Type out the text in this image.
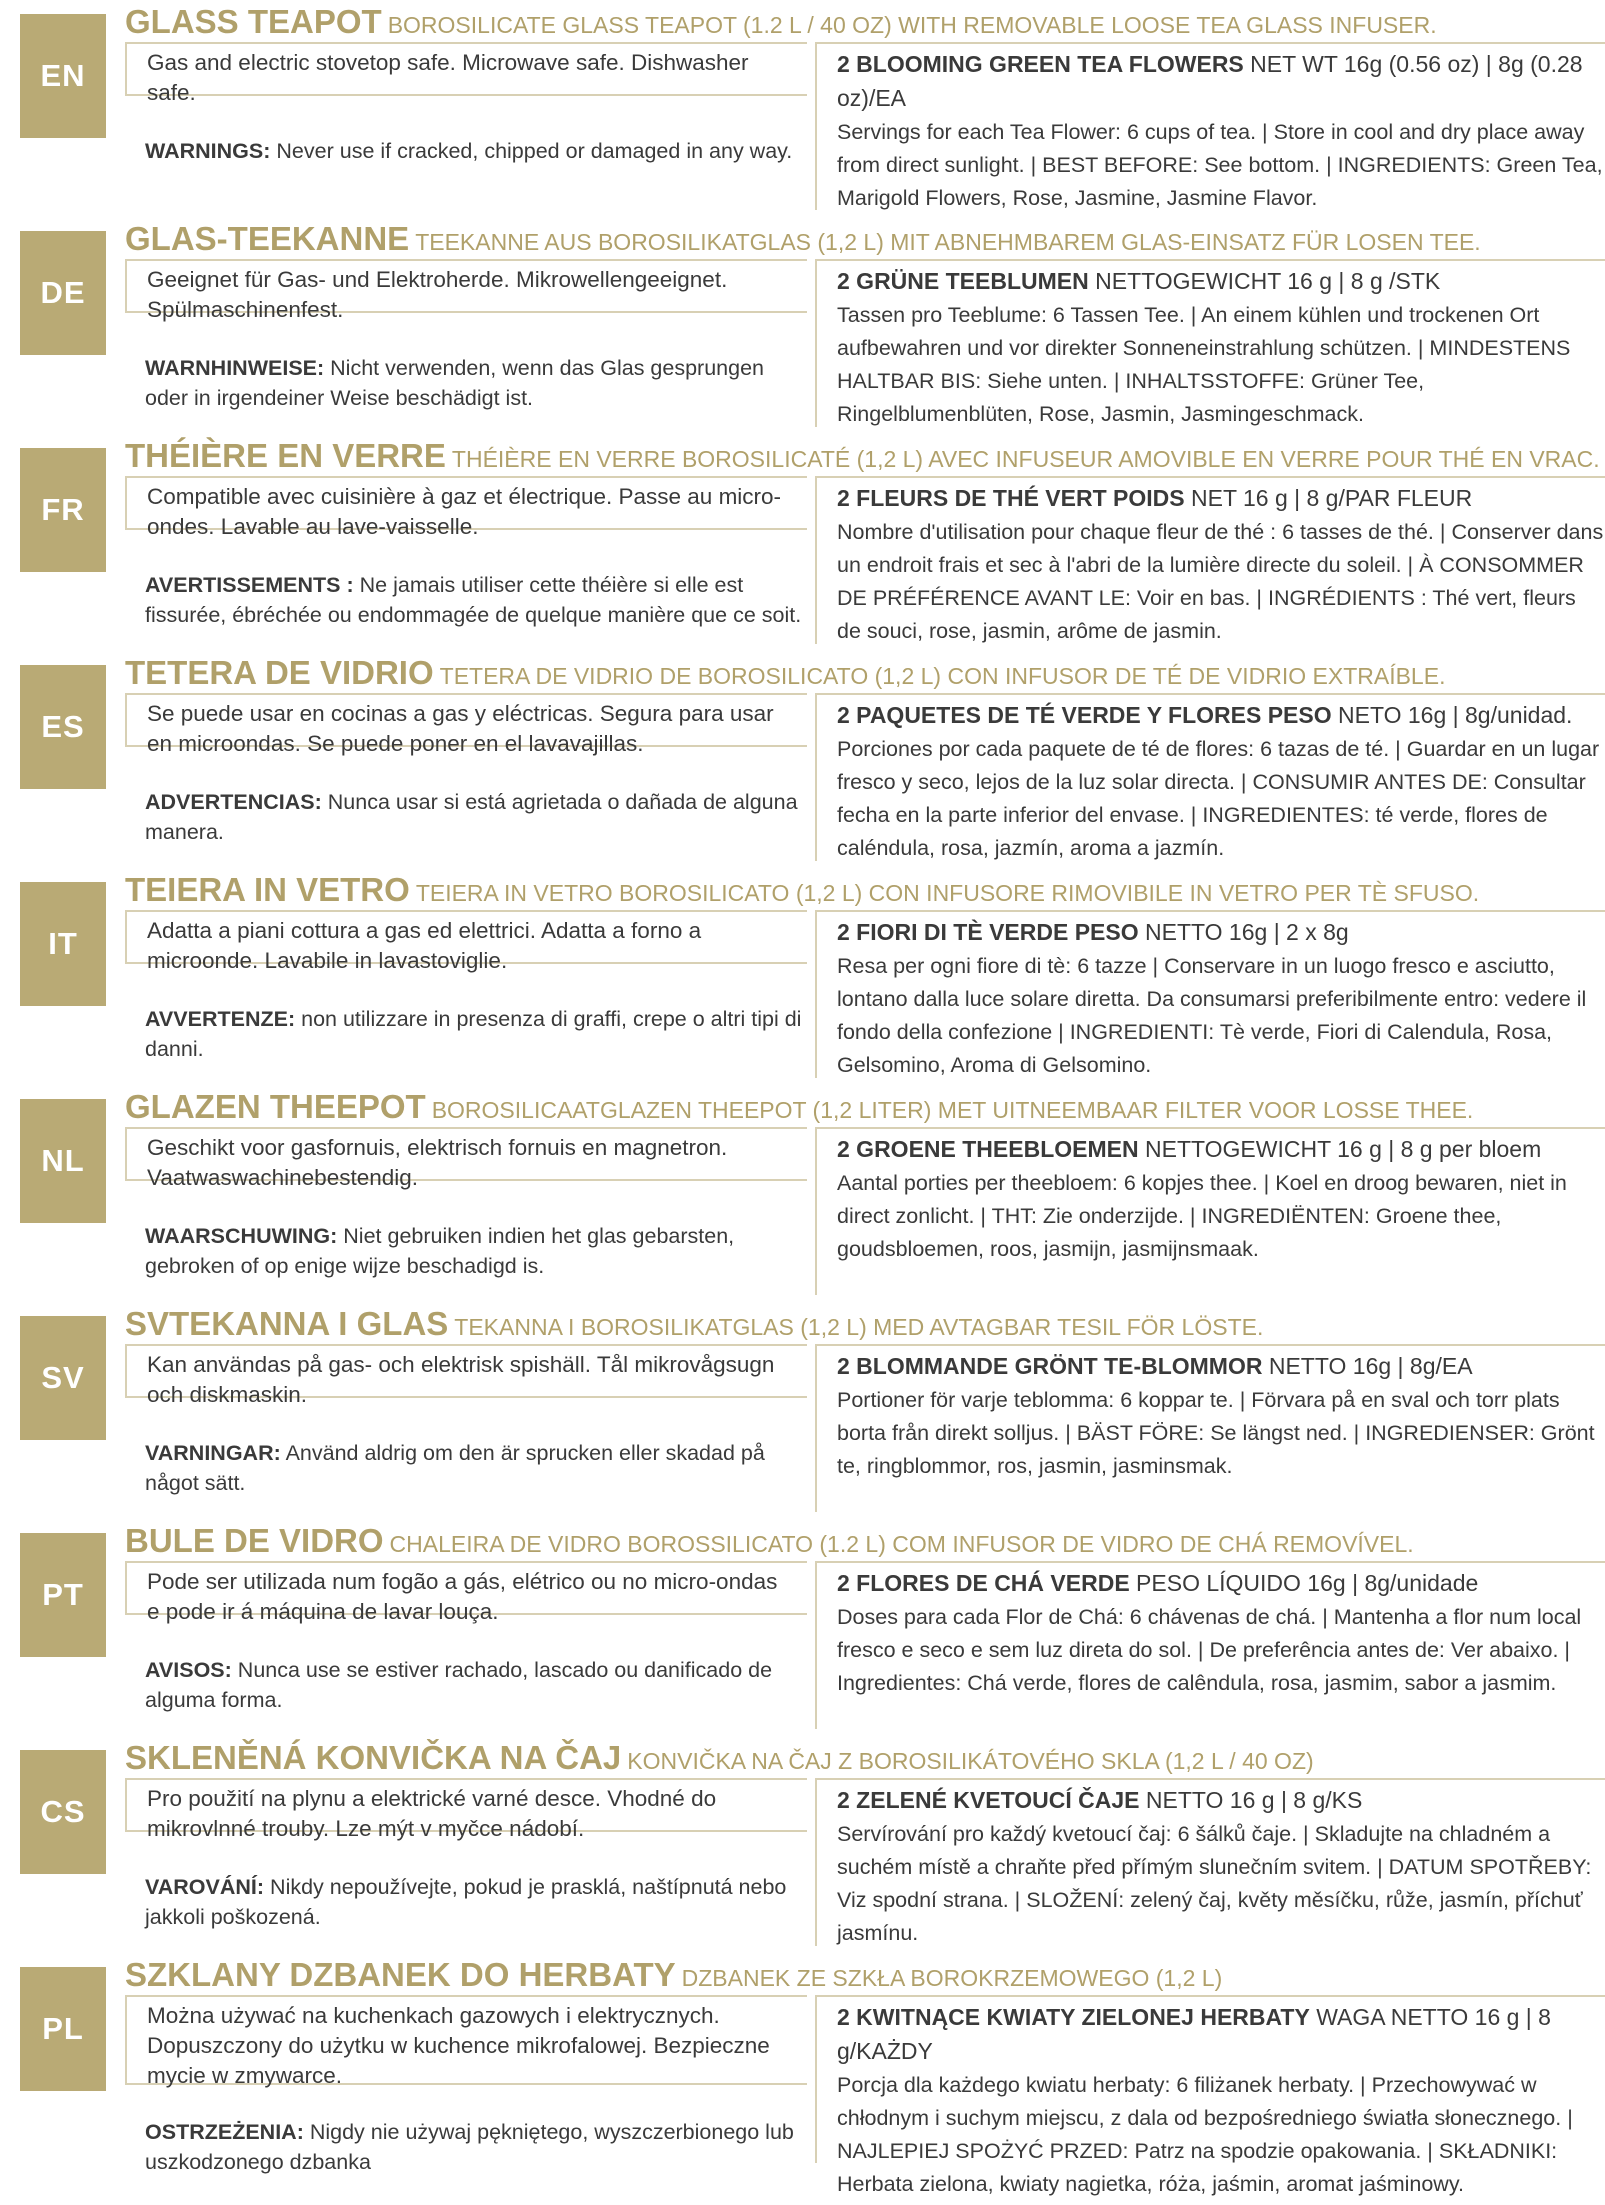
EN
GLASS TEAPOT BOROSILICATE GLASS TEAPOT (1.2 L / 40 OZ) WITH REMOVABLE LOOSE TEA GLASS INFUSER.
Gas and electric stovetop safe. Microwave safe. Dishwasher safe.
WARNINGS: Never use if cracked, chipped or damaged in any way.
2 BLOOMING GREEN TEA FLOWERS NET WT 16g (0.56 oz) | 8g (0.28 oz)/EA
Servings for each Tea Flower: 6 cups of tea. | Store in cool and dry place away from direct sunlight. | BEST BEFORE: See bottom. | INGREDIENTS: Green Tea, Marigold Flowers, Rose, Jasmine, Jasmine Flavor.
DE
GLAS-TEEKANNE TEEKANNE AUS BOROSILIKATGLAS (1,2 L) MIT ABNEHMBAREM GLAS-EINSATZ FÜR LOSEN TEE.
Geeignet für Gas- und Elektroherde. Mikrowellengeeignet. Spülmaschinenfest.
WARNHINWEISE: Nicht verwenden, wenn das Glas gesprungen oder in irgendeiner Weise beschädigt ist.
2 GRÜNE TEEBLUMEN NETTOGEWICHT 16 g | 8 g /STK
Tassen pro Teeblume: 6 Tassen Tee. | An einem kühlen und trockenen Ort aufbewahren und vor direkter Sonneneinstrahlung schützen. | MINDESTENS HALTBAR BIS: Siehe unten. | INHALTSSTOFFE: Grüner Tee, Ringelblumenblüten, Rose, Jasmin, Jasmingeschmack.
FR
THÉIÈRE EN VERRE THÉIÈRE EN VERRE BOROSILICATÉ (1,2 L) AVEC INFUSEUR AMOVIBLE EN VERRE POUR THÉ EN VRAC.
Compatible avec cuisinière à gaz et électrique. Passe au micro-ondes. Lavable au lave-vaisselle.
AVERTISSEMENTS : Ne jamais utiliser cette théière si elle est fissurée, ébréchée ou endommagée de quelque manière que ce soit.
2 FLEURS DE THÉ VERT POIDS NET 16 g | 8 g/PAR FLEUR
Nombre d'utilisation pour chaque fleur de thé : 6 tasses de thé. | Conserver dans un endroit frais et sec à l'abri de la lumière directe du soleil. | À CONSOMMER DE PRÉFÉRENCE AVANT LE: Voir en bas. | INGRÉDIENTS : Thé vert, fleurs de souci, rose, jasmin, arôme de jasmin.
ES
TETERA DE VIDRIO TETERA DE VIDRIO DE BOROSILICATO (1,2 L) CON INFUSOR DE TÉ DE VIDRIO EXTRAÍBLE.
Se puede usar en cocinas a gas y eléctricas. Segura para usar en microondas. Se puede poner en el lavavajillas.
ADVERTENCIAS: Nunca usar si está agrietada o dañada de alguna manera.
2 PAQUETES DE TÉ VERDE Y FLORES PESO NETO 16g | 8g/unidad.
Porciones por cada paquete de té de flores: 6 tazas de té. | Guardar en un lugar fresco y seco, lejos de la luz solar directa. | CONSUMIR ANTES DE: Consultar fecha en la parte inferior del envase. | INGREDIENTES: té verde, flores de caléndula, rosa, jazmín, aroma a jazmín.
IT
TEIERA IN VETRO TEIERA IN VETRO BOROSILICATO (1,2 L) CON INFUSORE RIMOVIBILE IN VETRO PER TÈ SFUSO.
Adatta a piani cottura a gas ed elettrici. Adatta a forno a microonde. Lavabile in lavastoviglie.
AVVERTENZE: non utilizzare in presenza di graffi, crepe o altri tipi di danni.
2 FIORI DI TÈ VERDE PESO NETTO 16g | 2 x 8g
Resa per ogni fiore di tè: 6 tazze | Conservare in un luogo fresco e asciutto, lontano dalla luce solare diretta. Da consumarsi preferibilmente entro: vedere il fondo della confezione | INGREDIENTI: Tè verde, Fiori di Calendula, Rosa, Gelsomino, Aroma di Gelsomino.
NL
GLAZEN THEEPOT BOROSILICAATGLAZEN THEEPOT (1,2 LITER) MET UITNEEMBAAR FILTER VOOR LOSSE THEE.
Geschikt voor gasfornuis, elektrisch fornuis en magnetron. Vaatwaswachinebestendig.
WAARSCHUWING: Niet gebruiken indien het glas gebarsten, gebroken of op enige wijze beschadigd is.
2 GROENE THEEBLOEMEN NETTOGEWICHT 16 g | 8 g per bloem
Aantal porties per theebloem: 6 kopjes thee. | Koel en droog bewaren, niet in direct zonlicht. | THT: Zie onderzijde. | INGREDIËNTEN: Groene thee, goudsbloemen, roos, jasmijn, jasmijnsmaak.
SV
SVTEKANNA I GLAS TEKANNA I BOROSILIKATGLAS (1,2 L) MED AVTAGBAR TESIL FÖR LÖSTE.
Kan användas på gas- och elektrisk spishäll. Tål mikrovågsugn och diskmaskin.
VARNINGAR: Använd aldrig om den är sprucken eller skadad på något sätt.
2 BLOMMANDE GRÖNT TE-BLOMMOR NETTO 16g | 8g/EA
Portioner för varje teblomma: 6 koppar te. | Förvara på en sval och torr plats borta från direkt solljus. | BÄST FÖRE: Se längst ned. | INGREDIENSER: Grönt te, ringblommor, ros, jasmin, jasminsmak.
PT
BULE DE VIDRO CHALEIRA DE VIDRO BOROSSILICATO (1.2 L) COM INFUSOR DE VIDRO DE CHÁ REMOVÍVEL.
Pode ser utilizada num fogão a gás, elétrico ou no micro-ondas e pode ir á máquina de lavar louça.
AVISOS: Nunca use se estiver rachado, lascado ou danificado de alguma forma.
2 FLORES DE CHÁ VERDE PESO LÍQUIDO 16g | 8g/unidade
Doses para cada Flor de Chá: 6 chávenas de chá. | Mantenha a flor num local fresco e seco e sem luz direta do sol. | De preferência antes de: Ver abaixo. | Ingredientes: Chá verde, flores de calêndula, rosa, jasmim, sabor a jasmim.
CS
SKLENĚNÁ KONVIČKA NA ČAJ KONVIČKA NA ČAJ Z BOROSILIKÁTOVÉHO SKLA (1,2 L / 40 OZ)
Pro použití na plynu a elektrické varné desce. Vhodné do mikrovlnné trouby. Lze mýt v myčce nádobí.
VAROVÁNÍ: Nikdy nepoužívejte, pokud je prasklá, naštípnutá nebo jakkoli poškozená.
2 ZELENÉ KVETOUCÍ ČAJE NETTO 16 g | 8 g/KS
Servírování pro každý kvetoucí čaj: 6 šálků čaje. | Skladujte na chladném a suchém místě a chraňte před přímým slunečním svitem. | DATUM SPOTŘEBY: Viz spodní strana. | SLOŽENÍ: zelený čaj, květy měsíčku, růže, jasmín, příchuť jasmínu.
PL
SZKLANY DZBANEK DO HERBATY DZBANEK ZE SZKŁA BOROKRZEMOWEGO (1,2 L)
Można używać na kuchenkach gazowych i elektrycznych. Dopuszczony do użytku w kuchence mikrofalowej. Bezpieczne mycie w zmywarce.
OSTRZEŻENIA: Nigdy nie używaj pękniętego, wyszczerbionego lub uszkodzonego dzbanka
2 KWITNĄCE KWIATY ZIELONEJ HERBATY WAGA NETTO 16 g | 8 g/KAŻDY
Porcja dla każdego kwiatu herbaty: 6 filiżanek herbaty. | Przechowywać w chłodnym i suchym miejscu, z dala od bezpośredniego światła słonecznego. | NAJLEPIEJ SPOŻYĆ PRZED: Patrz na spodzie opakowania. | SKŁADNIKI: Herbata zielona, kwiaty nagietka, róża, jaśmin, aromat jaśminowy.
